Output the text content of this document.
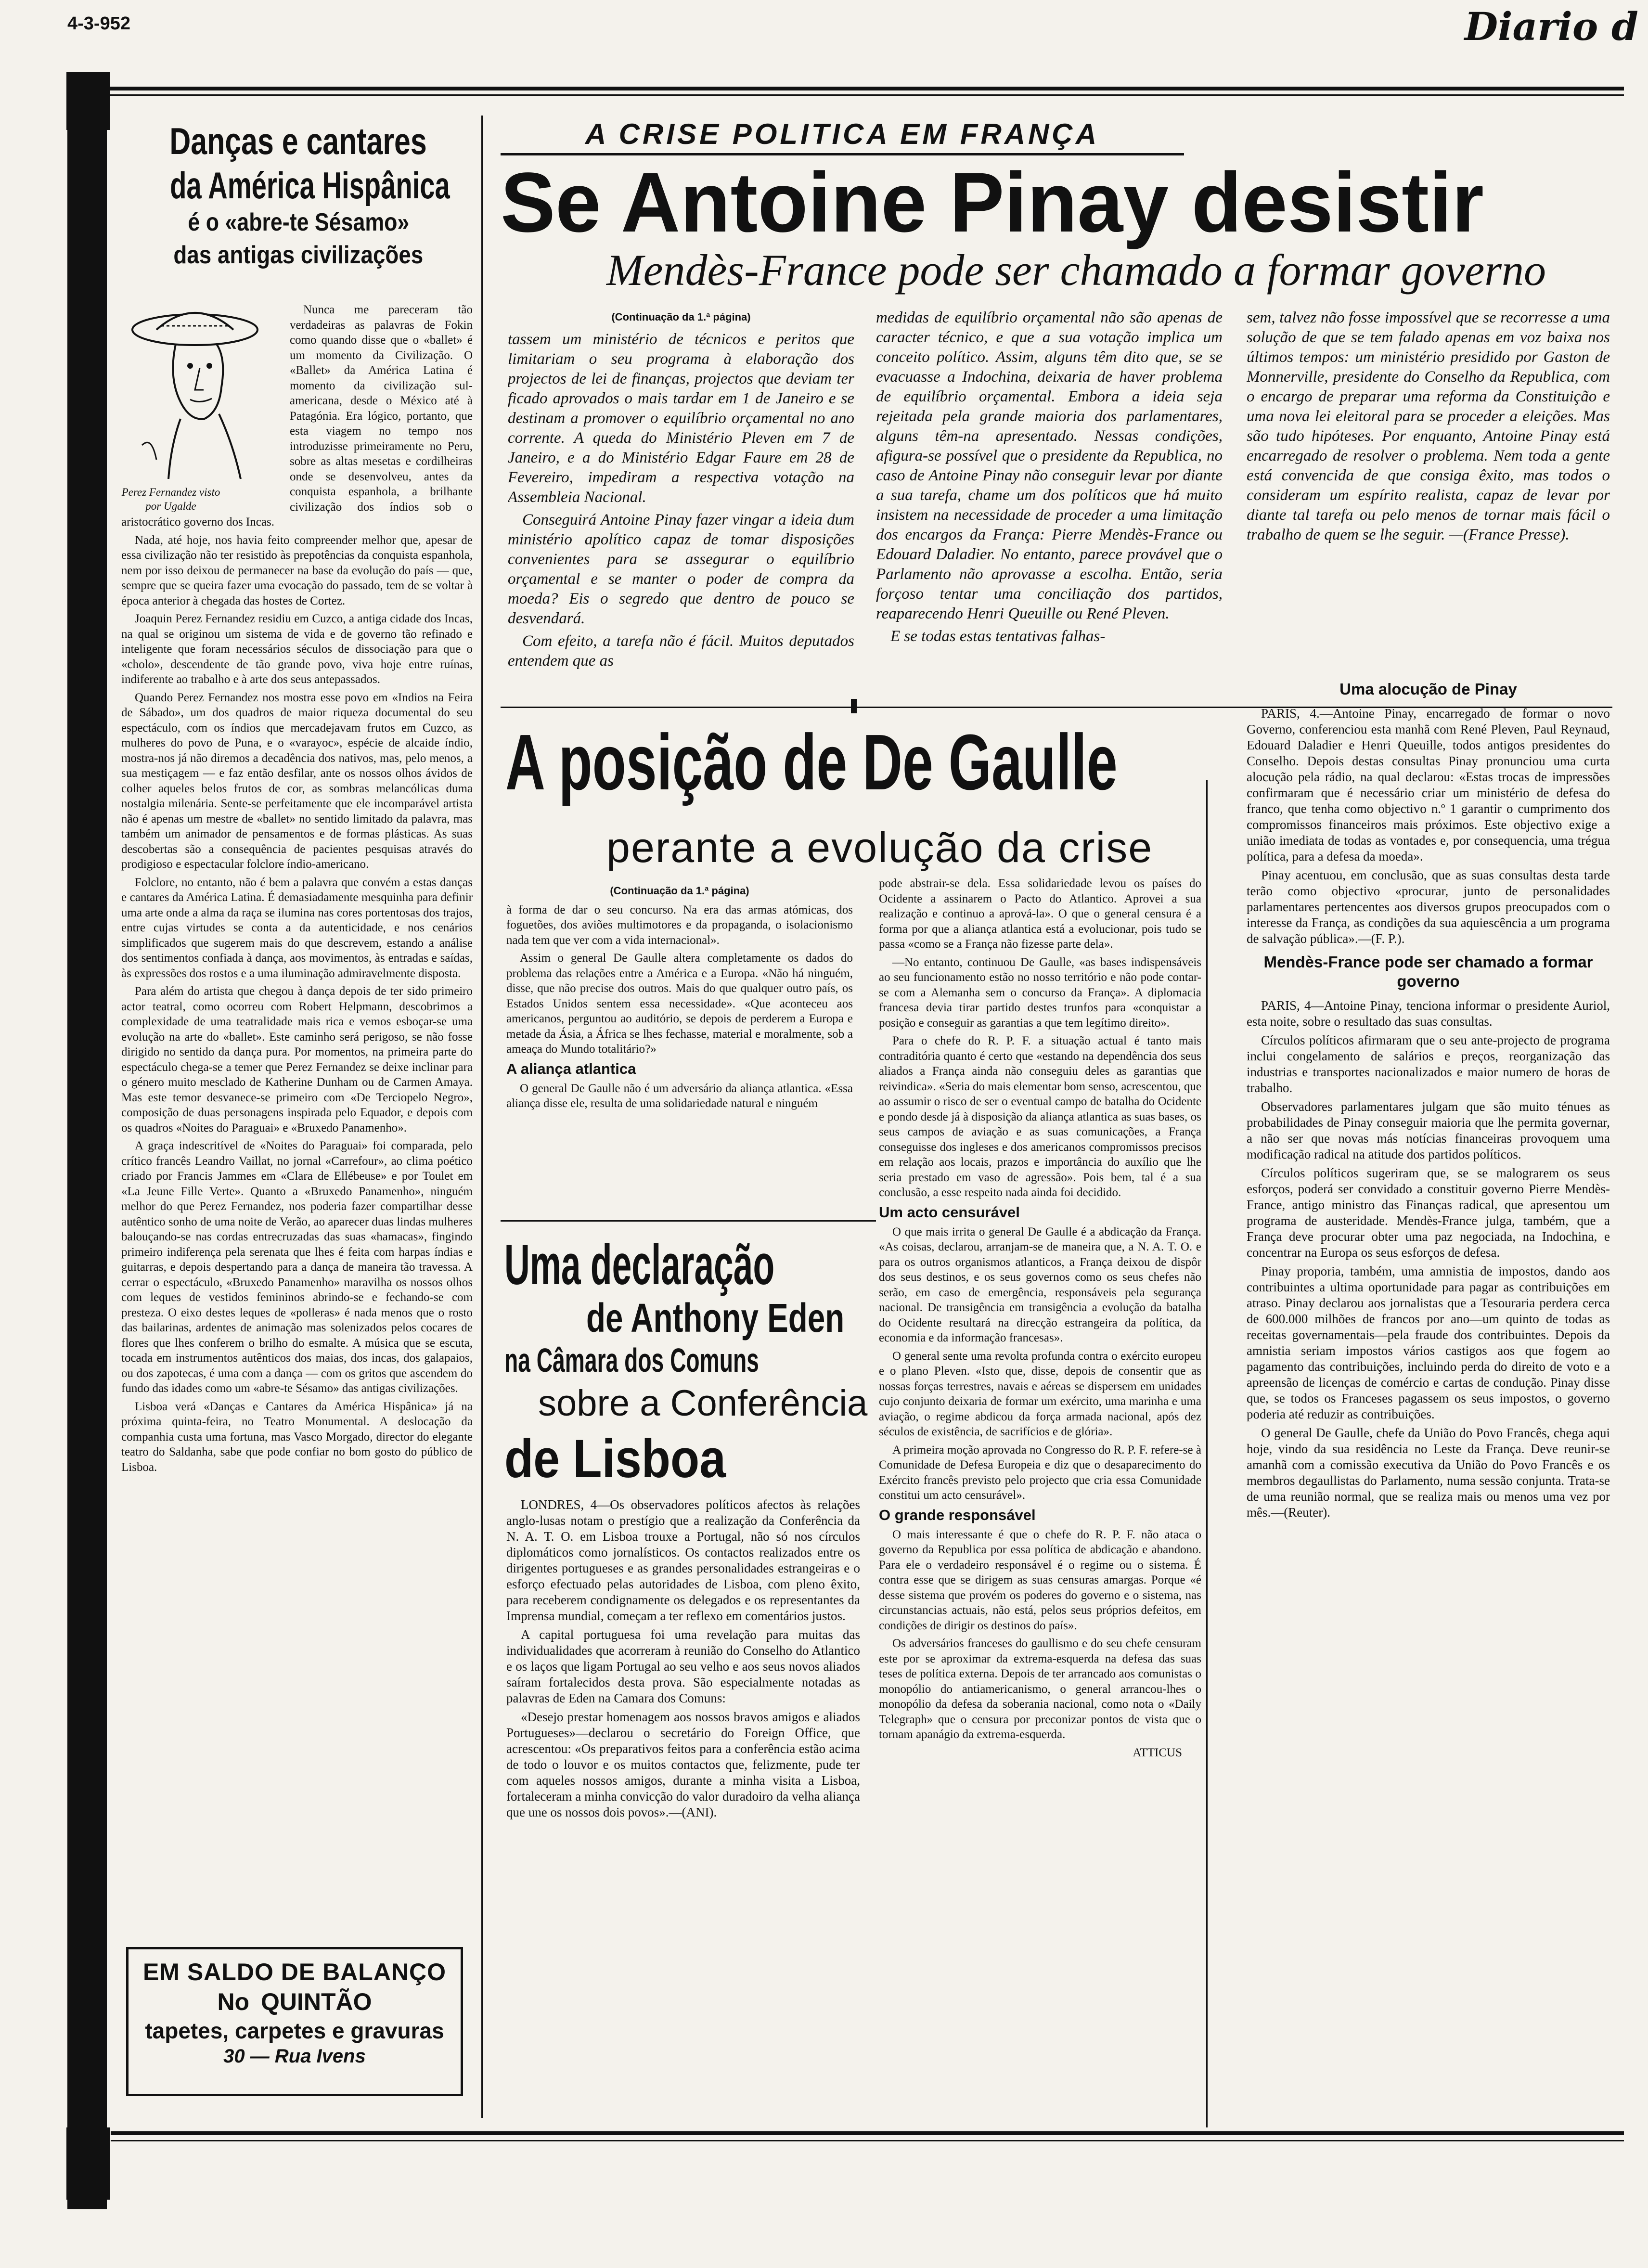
4-3-952	Diario d
Danças e cantares
da América Hispânica
é o «abre-te Sésamo»
das antigas civilizações
Perez Fernandez visto por Ugalde

Nunca me pareceram tão verdadeiras as palavras de Fokin como quando disse que o «ballet» é um momento da Civilização. O «Ballet» da América Latina é momento da civilização sul-americana, desde o México até à Patagónia. Era lógico, portanto, que esta viagem no tempo nos introduzisse primeiramente no Peru, sobre as altas mesetas e cordilheiras onde se desenvolveu, antes da conquista espanhola, a brilhante civilização dos índios sob o aristocrático governo dos Incas.

Nada, até hoje, nos havia feito compreender melhor que, apesar de essa civilização não ter resistido às prepotências da conquista espanhola, nem por isso deixou de permanecer na base da evolução do país — que, sempre que se queira fazer uma evocação do passado, tem de se voltar à época anterior à chegada das hostes de Cortez.

Joaquin Perez Fernandez residiu em Cuzco, a antiga cidade dos Incas, na qual se originou um sistema de vida e de governo tão refinado e inteligente que foram necessários séculos de dissociação para que o «cholo», descendente de tão grande povo, viva hoje entre ruínas, indiferente ao trabalho e à arte dos seus antepassados.

Quando Perez Fernandez nos mostra esse povo em «Indios na Feira de Sábado», um dos quadros de maior riqueza documental do seu espectáculo, com os índios que mercadejavam frutos em Cuzco, as mulheres do povo de Puna, e o «varayoc», espécie de alcaide índio, mostra-nos já não diremos a decadência dos nativos, mas, pelo menos, a sua mestiçagem — e faz então desfilar, ante os nossos olhos ávidos de colher aqueles belos frutos de cor, as sombras melancólicas duma nostalgia milenária. Sente-se perfeitamente que ele incomparável artista não é apenas um mestre de «ballet» no sentido limitado da palavra, mas também um animador de pensamentos e de formas plásticas. As suas descobertas são a consequência de pacientes pesquisas através do prodigioso e espectacular folclore índio-americano.

Folclore, no entanto, não é bem a palavra que convém a estas danças e cantares da América Latina. É demasiadamente mesquinha para definir uma arte onde a alma da raça se ilumina nas cores portentosas dos trajos, entre cujas virtudes se conta a da autenticidade, e nos cenários simplificados que sugerem mais do que descrevem, estando a análise dos sentimentos confiada à dança, aos movimentos, às entradas e saídas, às expressões dos rostos e a uma iluminação admiravelmente disposta.

Para além do artista que chegou à dança depois de ter sido primeiro actor teatral, como ocorreu com Robert Helpmann, descobrimos a complexidade de uma teatralidade mais rica e vemos esboçar-se uma evolução na arte do «ballet». Este caminho será perigoso, se não fosse dirigido no sentido da dança pura. Por momentos, na primeira parte do espectáculo chega-se a temer que Perez Fernandez se deixe inclinar para o género muito mesclado de Katherine Dunham ou de Carmen Amaya. Mas este temor desvanece-se primeiro com «De Terciopelo Negro», composição de duas personagens inspirada pelo Equador, e depois com os quadros «Noites do Paraguai» e «Bruxedo Panamenho».

A graça indescritível de «Noites do Paraguai» foi comparada, pelo crítico francês Leandro Vaillat, no jornal «Carrefour», ao clima poético criado por Francis Jammes em «Clara de Ellébeuse» e por Toulet em «La Jeune Fille Verte». Quanto a «Bruxedo Panamenho», ninguém melhor do que Perez Fernandez, nos poderia fazer compartilhar desse autêntico sonho de uma noite de Verão, ao aparecer duas lindas mulheres balouçando-se nas cordas entrecruzadas das suas «hamacas», fingindo primeiro indiferença pela serenata que lhes é feita com harpas índias e guitarras, e depois despertando para a dança de maneira tão travessa. A cerrar o espectáculo, «Bruxedo Panamenho» maravilha os nossos olhos com leques de vestidos femininos abrindo-se e fechando-se com presteza. O eixo destes leques de «polleras» é nada menos que o rosto das bailarinas, ardentes de animação mas solenizados pelos cocares de flores que lhes conferem o brilho do esmalte. A música que se escuta, tocada em instrumentos autênticos dos maias, dos incas, dos galapaios, ou dos zapotecas, é uma com a dança — com os gritos que ascendem do fundo das idades como um «abre-te Sésamo» das antigas civilizações.

Lisboa verá «Danças e Cantares da América Hispânica» já na próxima quinta-feira, no Teatro Monumental. A deslocação da companhia custa uma fortuna, mas Vasco Morgado, director do elegante teatro do Saldanha, sabe que pode confiar no bom gosto do público de Lisboa.

EM SALDO DE BALANÇO
No QUINTÃO
tapetes, carpetes e gravuras
30 — Rua Ivens
A CRISE POLITICA EM FRANÇA
Se Antoine Pinay desistir
Mendès-France pode ser chamado a formar governo
(Continuação da 1.ª página)

tassem um ministério de técnicos e peritos que limitariam o seu programa à elaboração dos projectos de lei de finanças, projectos que deviam ter ficado aprovados o mais tardar em 1 de Janeiro e se destinam a promover o equilíbrio orçamental no ano corrente. A queda do Ministério Pleven em 7 de Janeiro, e a do Ministério Edgar Faure em 28 de Fevereiro, impediram a respectiva votação na Assembleia Nacional.

Conseguirá Antoine Pinay fazer vingar a ideia dum ministério apolítico capaz de tomar disposições convenientes para se assegurar o equilíbrio orçamental e se manter o poder de compra da moeda? Eis o segredo que dentro de pouco se desvendará.

Com efeito, a tarefa não é fácil. Muitos deputados entendem que as

medidas de equilíbrio orçamental não são apenas de caracter técnico, e que a sua votação implica um conceito político. Assim, alguns têm dito que, se se evacuasse a Indochina, deixaria de haver problema de equilíbrio orçamental. Embora a ideia seja rejeitada pela grande maioria dos parlamentares, alguns têm-na apresentado. Nessas condições, afigura-se possível que o presidente da Republica, no caso de Antoine Pinay não conseguir levar por diante a sua tarefa, chame um dos políticos que há muito insistem na necessidade de proceder a uma limitação dos encargos da França: Pierre Mendès-France ou Edouard Daladier. No entanto, parece provável que o Parlamento não aprovasse a escolha. Então, seria forçoso tentar uma conciliação dos partidos, reaparecendo Henri Queuille ou René Pleven.

E se todas estas tentativas falhas-

sem, talvez não fosse impossível que se recorresse a uma solução de que se tem falado apenas em voz baixa nos últimos tempos: um ministério presidido por Gaston de Monnerville, presidente do Conselho da Republica, com o encargo de preparar uma reforma da Constituição e uma nova lei eleitoral para se proceder a eleições. Mas são tudo hipóteses. Por enquanto, Antoine Pinay está encarregado de resolver o problema. Nem toda a gente está convencida de que consiga êxito, mas todos o consideram um espírito realista, capaz de levar por diante tal tarefa ou pelo menos de tornar mais fácil o trabalho de quem se lhe seguir. —(France Presse).

Uma alocução de Pinay

PARIS, 4.—Antoine Pinay, encarregado de formar o novo Governo, conferenciou esta manhã com René Pleven, Paul Reynaud, Edouard Daladier e Henri Queuille, todos antigos presidentes do Conselho. Depois destas consultas Pinay pronunciou uma curta alocução pela rádio, na qual declarou: «Estas trocas de impressões confirmaram que é necessário criar um ministério de defesa do franco, que tenha como objectivo n.º 1 garantir o cumprimento dos compromissos financeiros mais próximos. Este objectivo exige a união imediata de todas as vontades e, por consequencia, uma trégua política, para a defesa da moeda».

Pinay acentuou, em conclusão, que as suas consultas desta tarde terão como objectivo «procurar, junto de personalidades parlamentares pertencentes aos diversos grupos preocupados com o interesse da França, as condições da sua aquiescência a um programa de salvação pública».—(F. P.).

Mendès-France pode ser chamado a formar governo

PARIS, 4—Antoine Pinay, tenciona informar o presidente Auriol, esta noite, sobre o resultado das suas consultas.

Círculos políticos afirmaram que o seu ante-projecto de programa inclui congelamento de salários e preços, reorganização das industrias e transportes nacionalizados e maior numero de horas de trabalho.

Observadores parlamentares julgam que são muito ténues as probabilidades de Pinay conseguir maioria que lhe permita governar, a não ser que novas más notícias financeiras provoquem uma modificação radical na atitude dos partidos políticos.

Círculos políticos sugeriram que, se se malograrem os seus esforços, poderá ser convidado a constituir governo Pierre Mendès-France, antigo ministro das Finanças radical, que apresentou um programa de austeridade. Mendès-France julga, também, que a França deve procurar obter uma paz negociada, na Indochina, e concentrar na Europa os seus esforços de defesa.

Pinay proporia, também, uma amnistia de impostos, dando aos contribuintes a ultima oportunidade para pagar as contribuições em atraso. Pinay declarou aos jornalistas que a Tesouraria perdera cerca de 600.000 milhões de francos por ano—um quinto de todas as receitas governamentais—pela fraude dos contribuintes. Depois da amnistia seriam impostos vários castigos aos que fogem ao pagamento das contribuições, incluindo perda do direito de voto e a apreensão de licenças de comércio e cartas de condução. Pinay disse que, se todos os Franceses pagassem os seus impostos, o governo poderia até reduzir as contribuições.

O general De Gaulle, chefe da União do Povo Francês, chega aqui hoje, vindo da sua residência no Leste da França. Deve reunir-se amanhã com a comissão executiva da União do Povo Francês e os membros degaullistas do Parlamento, numa sessão conjunta. Trata-se de uma reunião normal, que se realiza mais ou menos uma vez por mês.—(Reuter).

A posição de De Gaulle
perante a evolução da crise
(Continuação da 1.ª página)

à forma de dar o seu concurso. Na era das armas atómicas, dos foguetões, dos aviões multimotores e da propaganda, o isolacionismo nada tem que ver com a vida internacional».

Assim o general De Gaulle altera completamente os dados do problema das relações entre a América e a Europa. «Não há ninguém, disse, que não precise dos outros. Mais do que qualquer outro país, os Estados Unidos sentem essa necessidade». «Que aconteceu aos americanos, perguntou ao auditório, se depois de perderem a Europa e metade da Ásia, a África se lhes fechasse, material e moralmente, sob a ameaça do Mundo totalitário?»

A aliança atlantica

O general De Gaulle não é um adversário da aliança atlantica. «Essa aliança disse ele, resulta de uma solidariedade natural e ninguém

pode abstrair-se dela. Essa solidariedade levou os países do Ocidente a assinarem o Pacto do Atlantico. Aprovei a sua realização e continuo a aprová-la». O que o general censura é a forma por que a aliança atlantica está a evolucionar, pois tudo se passa «como se a França não fizesse parte dela».

—No entanto, continuou De Gaulle, «as bases indispensáveis ao seu funcionamento estão no nosso território e não pode contar-se com a Alemanha sem o concurso da França». A diplomacia francesa devia tirar partido destes trunfos para «conquistar a posição e conseguir as garantias a que tem legítimo direito».

Para o chefe do R. P. F. a situação actual é tanto mais contraditória quanto é certo que «estando na dependência dos seus aliados a França ainda não conseguiu deles as garantias que reivindica». «Seria do mais elementar bom senso, acrescentou, que ao assumir o risco de ser o eventual campo de batalha do Ocidente e pondo desde já à disposição da aliança atlantica as suas bases, os seus campos de aviação e as suas comunicações, a França conseguisse dos ingleses e dos americanos compromissos precisos em relação aos locais, prazos e importância do auxílio que lhe seria prestado em vaso de agressão». Pois bem, tal é a sua conclusão, a esse respeito nada ainda foi decidido.

Um acto censurável

O que mais irrita o general De Gaulle é a abdicação da França. «As coisas, declarou, arranjam-se de maneira que, a N. A. T. O. e para os outros organismos atlanticos, a França deixou de dispôr dos seus destinos, e os seus governos como os seus chefes não serão, em caso de emergência, responsáveis pela segurança nacional. De transigência em transigência a evolução da batalha do Ocidente resultará na direcção estrangeira da política, da economia e da informação francesas».

O general sente uma revolta profunda contra o exército europeu e o plano Pleven. «Isto que, disse, depois de consentir que as nossas forças terrestres, navais e aéreas se dispersem em unidades cujo conjunto deixaria de formar um exército, uma marinha e uma aviação, o regime abdicou da força armada nacional, após dez séculos de existência, de sacrifícios e de glória».

A primeira moção aprovada no Congresso do R. P. F. refere-se à Comunidade de Defesa Europeia e diz que o desaparecimento do Exército francês previsto pelo projecto que cria essa Comunidade constitui um acto censurável».

O grande responsável

O mais interessante é que o chefe do R. P. F. não ataca o governo da Republica por essa política de abdicação e abandono. Para ele o verdadeiro responsável é o regime ou o sistema. É contra esse que se dirigem as suas censuras amargas. Porque «é desse sistema que provém os poderes do governo e o sistema, nas circunstancias actuais, não está, pelos seus próprios defeitos, em condições de dirigir os destinos do país».

Os adversários franceses do gaullismo e do seu chefe censuram este por se aproximar da extrema-esquerda na defesa das suas teses de política externa. Depois de ter arrancado aos comunistas o monopólio do antiamericanismo, o general arrancou-lhes o monopólio da defesa da soberania nacional, como nota o «Daily Telegraph» que o censura por preconizar pontos de vista que o tornam apanágio da extrema-esquerda.

ATTICUS

Uma declaração
de Anthony Eden
na Câmara dos Comuns
sobre a Conferência
de Lisboa

LONDRES, 4—Os observadores políticos afectos às relações anglo-lusas notam o prestígio que a realização da Conferência da N. A. T. O. em Lisboa trouxe a Portugal, não só nos círculos diplomáticos como jornalísticos. Os contactos realizados entre os dirigentes portugueses e as grandes personalidades estrangeiras e o esforço efectuado pelas autoridades de Lisboa, com pleno êxito, para receberem condignamente os delegados e os representantes da Imprensa mundial, começam a ter reflexo em comentários justos.

A capital portuguesa foi uma revelação para muitas das individualidades que acorreram à reunião do Conselho do Atlantico e os laços que ligam Portugal ao seu velho e aos seus novos aliados saíram fortalecidos desta prova. São especialmente notadas as palavras de Eden na Camara dos Comuns:

«Desejo prestar homenagem aos nossos bravos amigos e aliados Portugueses»—declarou o secretário do Foreign Office, que acrescentou: «Os preparativos feitos para a conferência estão acima de todo o louvor e os muitos contactos que, felizmente, pude ter com aqueles nossos amigos, durante a minha visita a Lisboa, fortaleceram a minha convicção do valor duradoiro da velha aliança que une os nossos dois povos».—(ANI).
